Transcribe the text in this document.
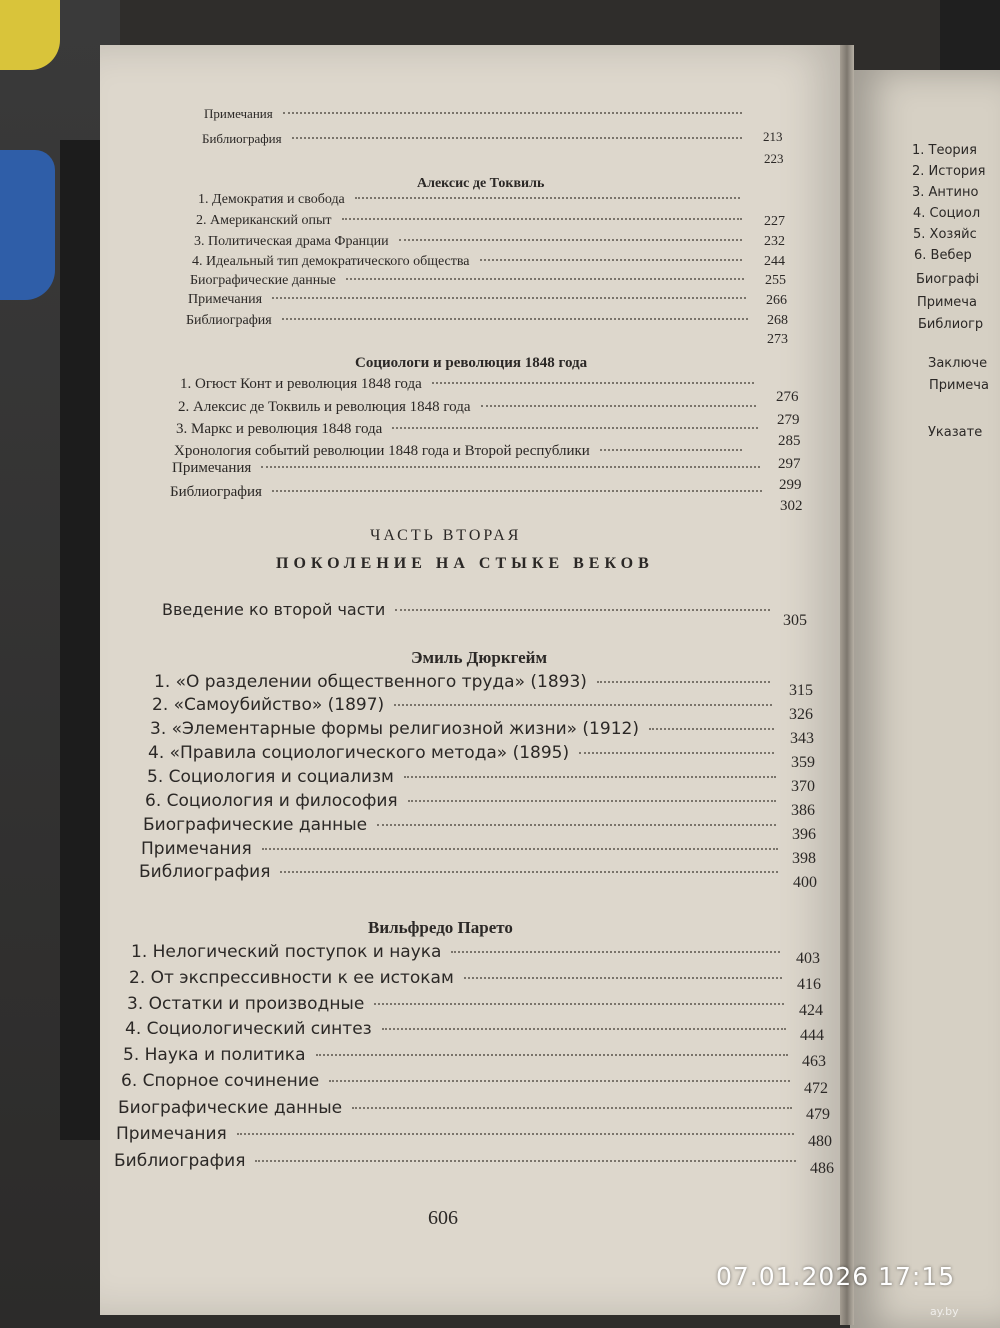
Примечания
Библиография	213
223
Алексис де Токвиль
1. Демократия и свобода
2. Американский опыт
3. Политическая драма Франции
4. Идеальный тип демократического общества
Биографические данные
Примечания
Библиография
227
232
244
255
266
268
273
Социологи и революция 1848 года
1. Огюст Конт и революция 1848 года
2. Алексис де Токвиль и революция 1848 года
3. Маркс и революция 1848 года
Хронология событий революции 1848 года и Второй республики
Примечания
Библиография
276
279
285
297
299
302
ЧАСТЬ ВТОРАЯ
ПОКОЛЕНИЕ НА СТЫКЕ ВЕКОВ
Введение ко второй части
305
Эмиль Дюркгейм
1. «О разделении общественного труда» (1893)
2. «Самоубийство» (1897)
3. «Элементарные формы религиозной жизни» (1912)
4. «Правила социологического метода» (1895)
5. Социология и социализм
6. Социология и философия
Биографические данные
Примечания
Библиография
315
326
343
359
370
386
396
398
400
Вильфредо Парето
1. Нелогический поступок и наука
2. От экспрессивности к ее истокам
3. Остатки и производные
4. Социологический синтез
5. Наука и политика
6. Спорное сочинение
Биографические данные
Примечания
Библиография
403
416
424
444
463
472
479
480
486
1. Теория
2. История
3. Антино
4. Социол
5. Хозяйс
6. Вебер
Биографі
Примеча
Библиогр
Заключе
Примеча
Указате
606
07.01.2026 17:15
ay.by
